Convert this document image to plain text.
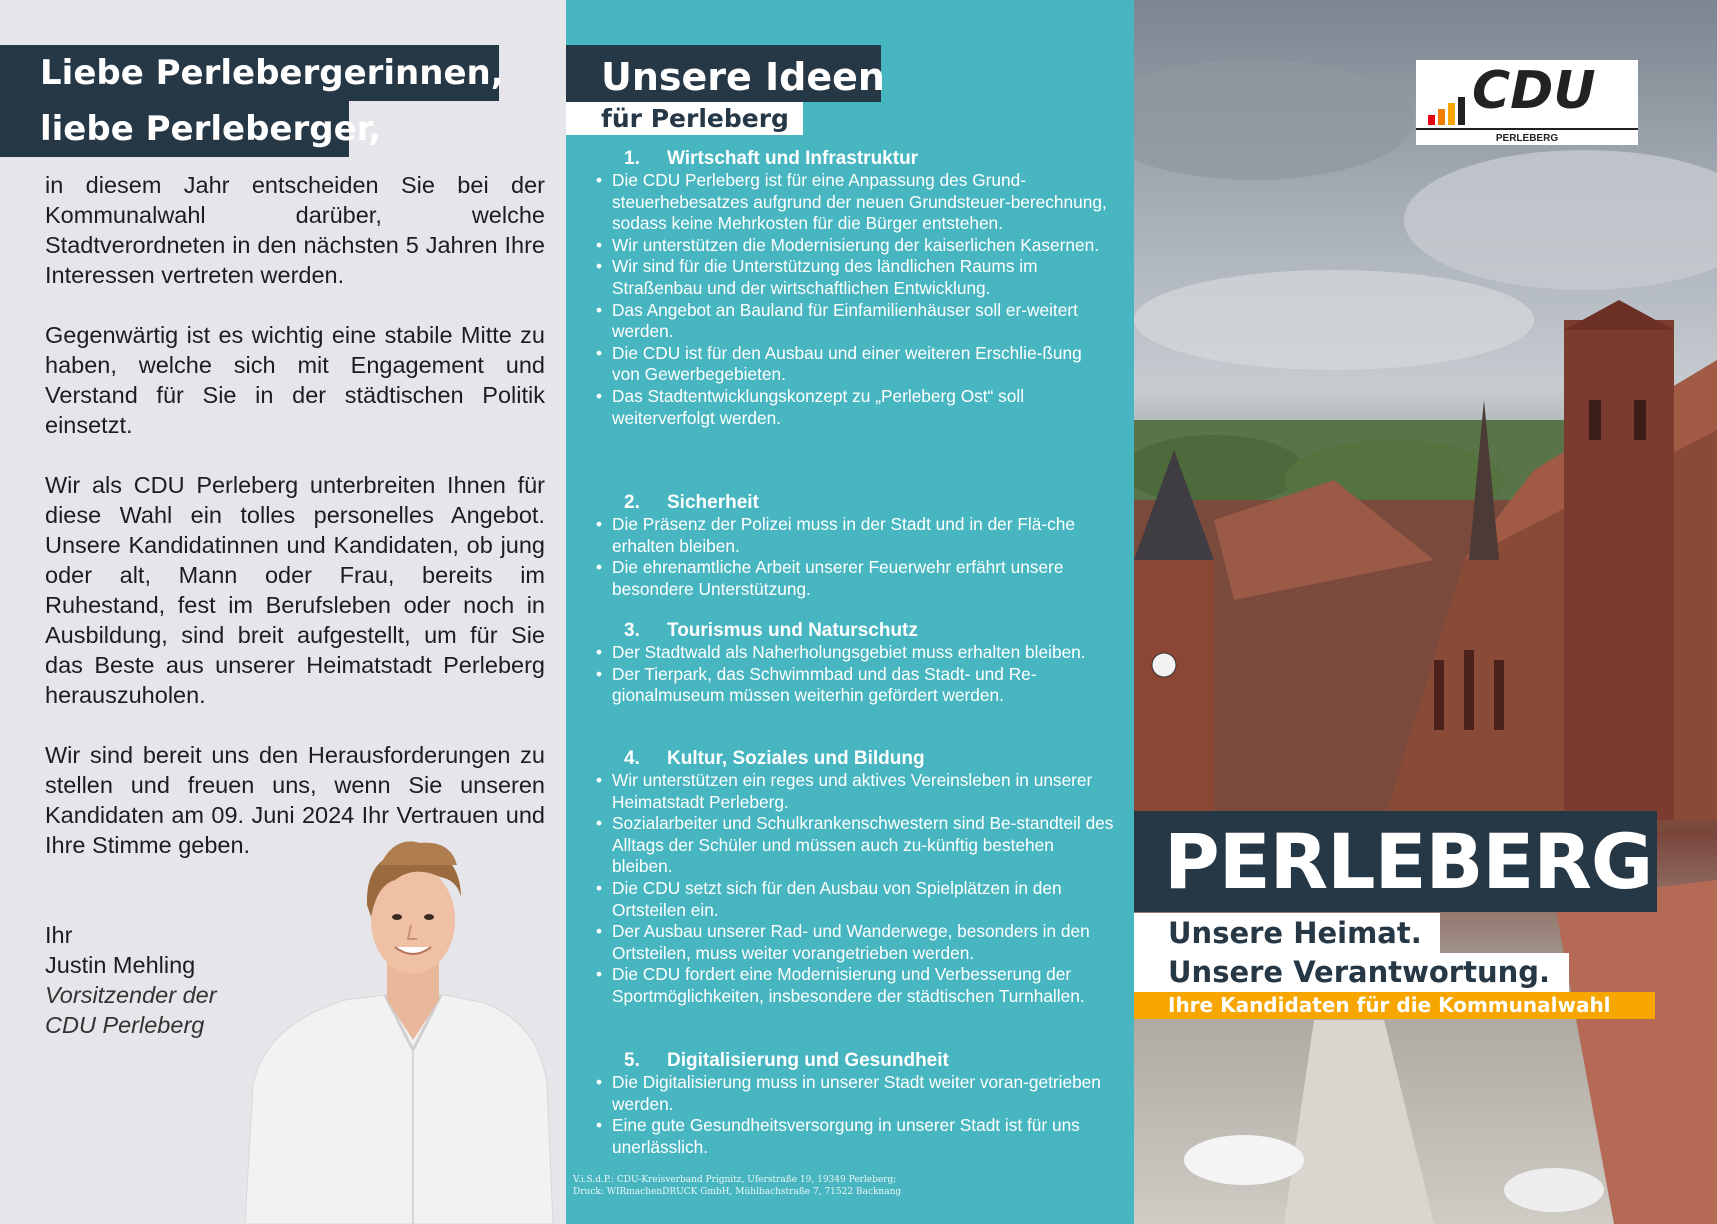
Liebe Perlebergerinnen,
liebe Perleberger,

in diesem Jahr entscheiden Sie bei der Kommunalwahl darüber, welche Stadtverordneten in den nächsten 5 Jahren Ihre Interessen vertreten werden.

Gegenwärtig ist es wichtig eine stabile Mitte zu haben, welche sich mit Engagement und Verstand für Sie in der städtischen Politik einsetzt.

Wir als CDU Perleberg unterbreiten Ihnen für diese Wahl ein tolles personelles Angebot. Unsere Kandidatinnen und Kandidaten, ob jung oder alt, Mann oder Frau, bereits im Ruhestand, fest im Berufsleben oder noch in Ausbildung, sind breit aufgestellt, um für Sie das Beste aus unserer Heimatstadt Perleberg herauszuholen.

Wir sind bereit uns den Herausforderungen zu stellen und freuen uns, wenn Sie unseren Kandidaten am 09. Juni 2024 Ihr Vertrauen und Ihre Stimme geben.

Ihr
Justin Mehling
Vorsitzender der
CDU Perleberg
Unsere Ideen
für Perleberg
1. Wirtschaft und Infrastruktur
• Die CDU Perleberg ist für eine Anpassung des Grund-steuerhebesatzes aufgrund der neuen Grundsteuer-berechnung, sodass keine Mehrkosten für die Bürger entstehen.
• Wir unterstützen die Modernisierung der kaiserlichen Kasernen.
• Wir sind für die Unterstützung des ländlichen Raums im Straßenbau und der wirtschaftlichen Entwicklung.
• Das Angebot an Bauland für Einfamilienhäuser soll er-weitert werden.
• Die CDU ist für den Ausbau und einer weiteren Erschlie-ßung von Gewerbegebieten.
• Das Stadtentwicklungskonzept zu „Perleberg Ost“ soll weiterverfolgt werden.
2. Sicherheit
• Die Präsenz der Polizei muss in der Stadt und in der Flä-che erhalten bleiben.
• Die ehrenamtliche Arbeit unserer Feuerwehr erfährt unsere besondere Unterstützung.
3. Tourismus und Naturschutz
• Der Stadtwald als Naherholungsgebiet muss erhalten bleiben.
• Der Tierpark, das Schwimmbad und das Stadt- und Re-gionalmuseum müssen weiterhin gefördert werden.
4. Kultur, Soziales und Bildung
• Wir unterstützen ein reges und aktives Vereinsleben in unserer Heimatstadt Perleberg.
• Sozialarbeiter und Schulkrankenschwestern sind Be-standteil des Alltags der Schüler und müssen auch zu-künftig bestehen bleiben.
• Die CDU setzt sich für den Ausbau von Spielplätzen in den Ortsteilen ein.
• Der Ausbau unserer Rad- und Wanderwege, besonders in den Ortsteilen, muss weiter vorangetrieben werden.
• Die CDU fordert eine Modernisierung und Verbesserung der Sportmöglichkeiten, insbesondere der städtischen Turnhallen.
5. Digitalisierung und Gesundheit
• Die Digitalisierung muss in unserer Stadt weiter voran-getrieben werden.
• Eine gute Gesundheitsversorgung in unserer Stadt ist für uns unerlässlich.
V.i.S.d.P.: CDU-Kreisverband Prignitz, Uferstraße 19, 19349 Perleberg;
Druck: WIRmachenDRUCK GmbH, Mühlbachstraße 7, 71522 Backnang
CDU
PERLEBERG
PERLEBERG
Unsere Heimat.
Unsere Verantwortung.
Ihre Kandidaten für die Kommunalwahl
